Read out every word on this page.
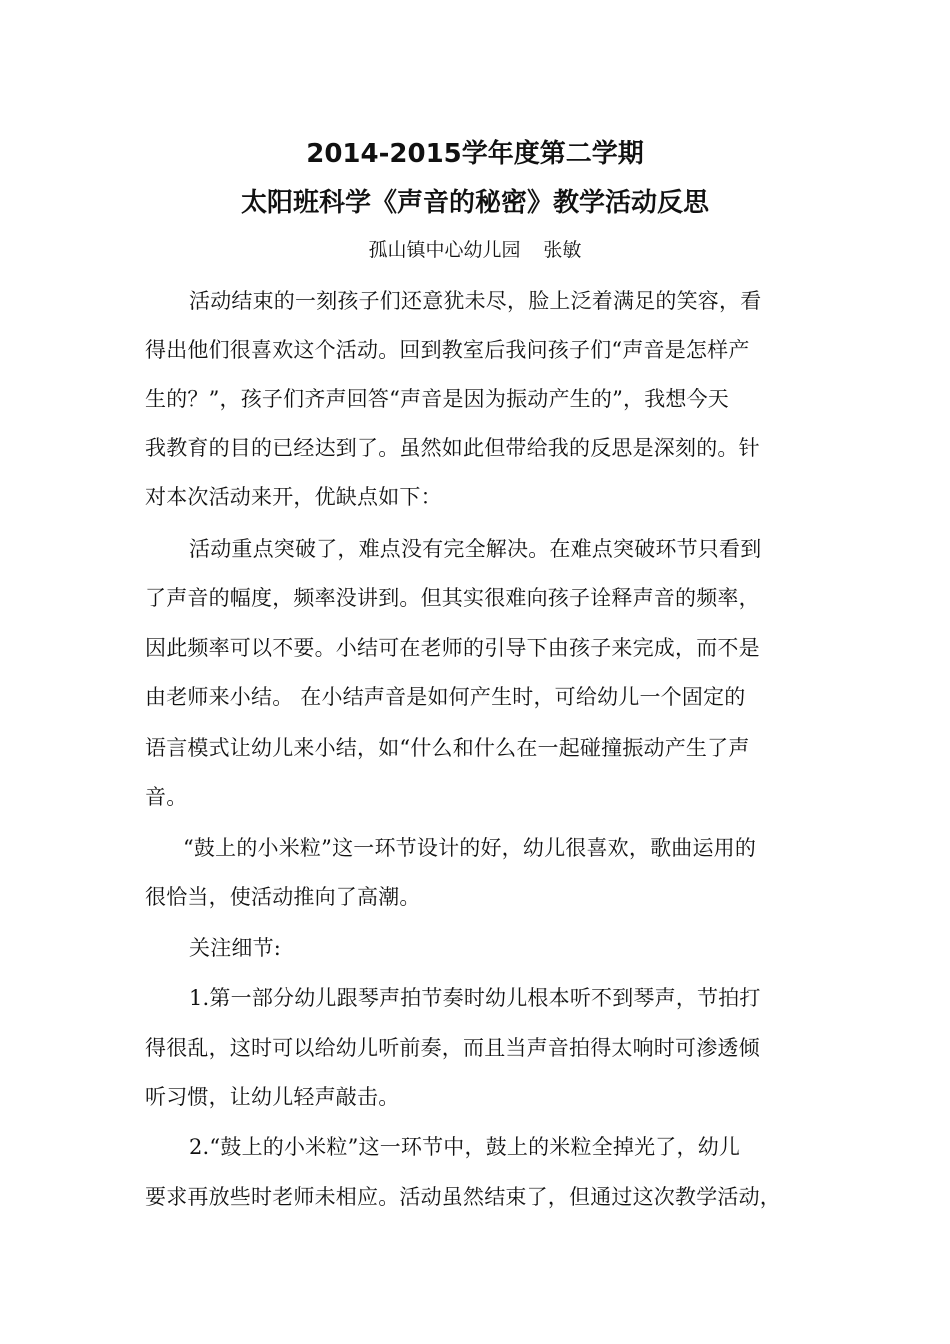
2014-2015学年度第二学期
太阳班科学《声音的秘密》教学活动反思
孤山镇中心幼儿园  张敏
活动结束的一刻孩子们还意犹未尽，脸上泛着满足的笑容，看
得出他们很喜欢这个活动。回到教室后我问孩子们“声音是怎样产
生的？”，孩子们齐声回答“声音是因为振动产生的”，我想今天
我教育的目的已经达到了。虽然如此但带给我的反思是深刻的。针
对本次活动来开，优缺点如下：
活动重点突破了，难点没有完全解决。在难点突破环节只看到
了声音的幅度，频率没讲到。但其实很难向孩子诠释声音的频率，
因此频率可以不要。小结可在老师的引导下由孩子来完成，而不是
由老师来小结。 在小结声音是如何产生时，可给幼儿一个固定的
语言模式让幼儿来小结，如“什么和什么在一起碰撞振动产生了声
音。
“鼓上的小米粒”这一环节设计的好，幼儿很喜欢，歌曲运用的
很恰当，使活动推向了高潮。
关注细节:
1.第一部分幼儿跟琴声拍节奏时幼儿根本听不到琴声，节拍打
得很乱，这时可以给幼儿听前奏，而且当声音拍得太响时可渗透倾
听习惯，让幼儿轻声敲击。
2.“鼓上的小米粒”这一环节中，鼓上的米粒全掉光了，幼儿
要求再放些时老师未相应。活动虽然结束了，但通过这次教学活动，
